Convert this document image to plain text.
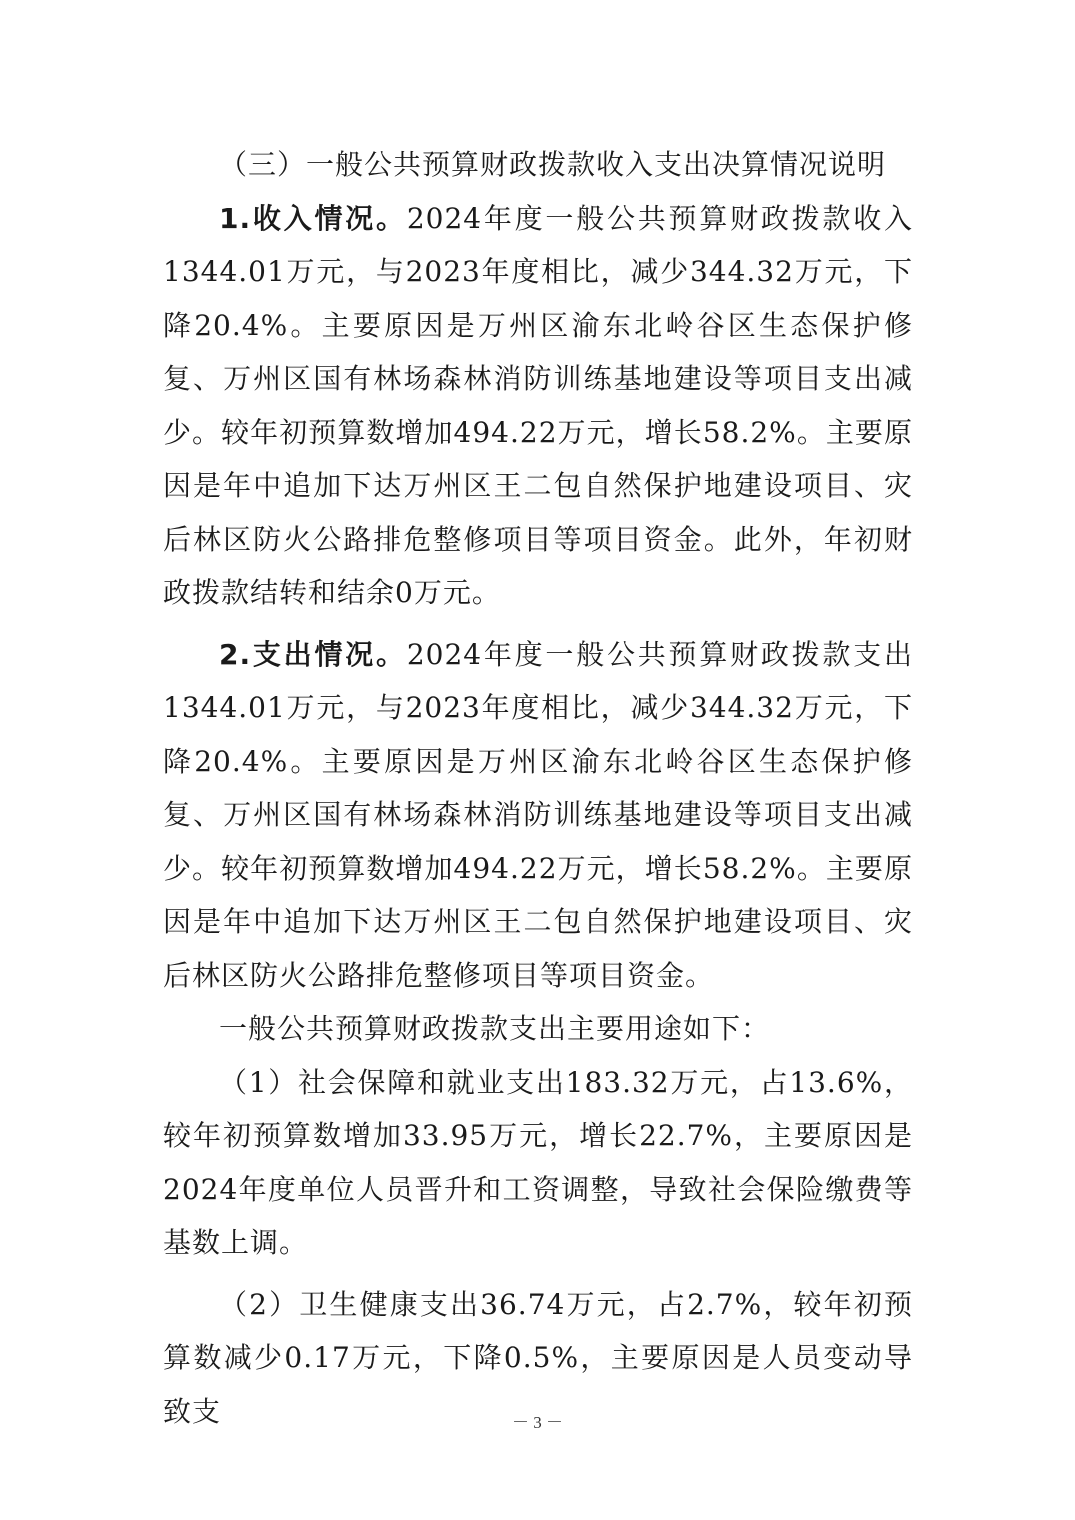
（三）一般公共预算财政拨款收入支出决算情况说明

1.收入情况。2024年度一般公共预算财政拨款收入1344.01万元，与2023年度相比，减少344.32万元，下降20.4%。主要原因是万州区渝东北岭谷区生态保护修复、万州区国有林场森林消防训练基地建设等项目支出减少。较年初预算数增加494.22万元，增长58.2%。主要原因是年中追加下达万州区王二包自然保护地建设项目、灾后林区防火公路排危整修项目等项目资金。此外，年初财政拨款结转和结余0万元。

2.支出情况。2024年度一般公共预算财政拨款支出1344.01万元，与2023年度相比，减少344.32万元，下降20.4%。主要原因是万州区渝东北岭谷区生态保护修复、万州区国有林场森林消防训练基地建设等项目支出减少。较年初预算数增加494.22万元，增长58.2%。主要原因是年中追加下达万州区王二包自然保护地建设项目、灾后林区防火公路排危整修项目等项目资金。

一般公共预算财政拨款支出主要用途如下：

（1）社会保障和就业支出183.32万元，占13.6%，较年初预算数增加33.95万元，增长22.7%，主要原因是2024年度单位人员晋升和工资调整，导致社会保险缴费等基数上调。

（2）卫生健康支出36.74万元，占2.7%，较年初预算数减少0.17万元，下降0.5%，主要原因是人员变动导致支	－ 3 －
